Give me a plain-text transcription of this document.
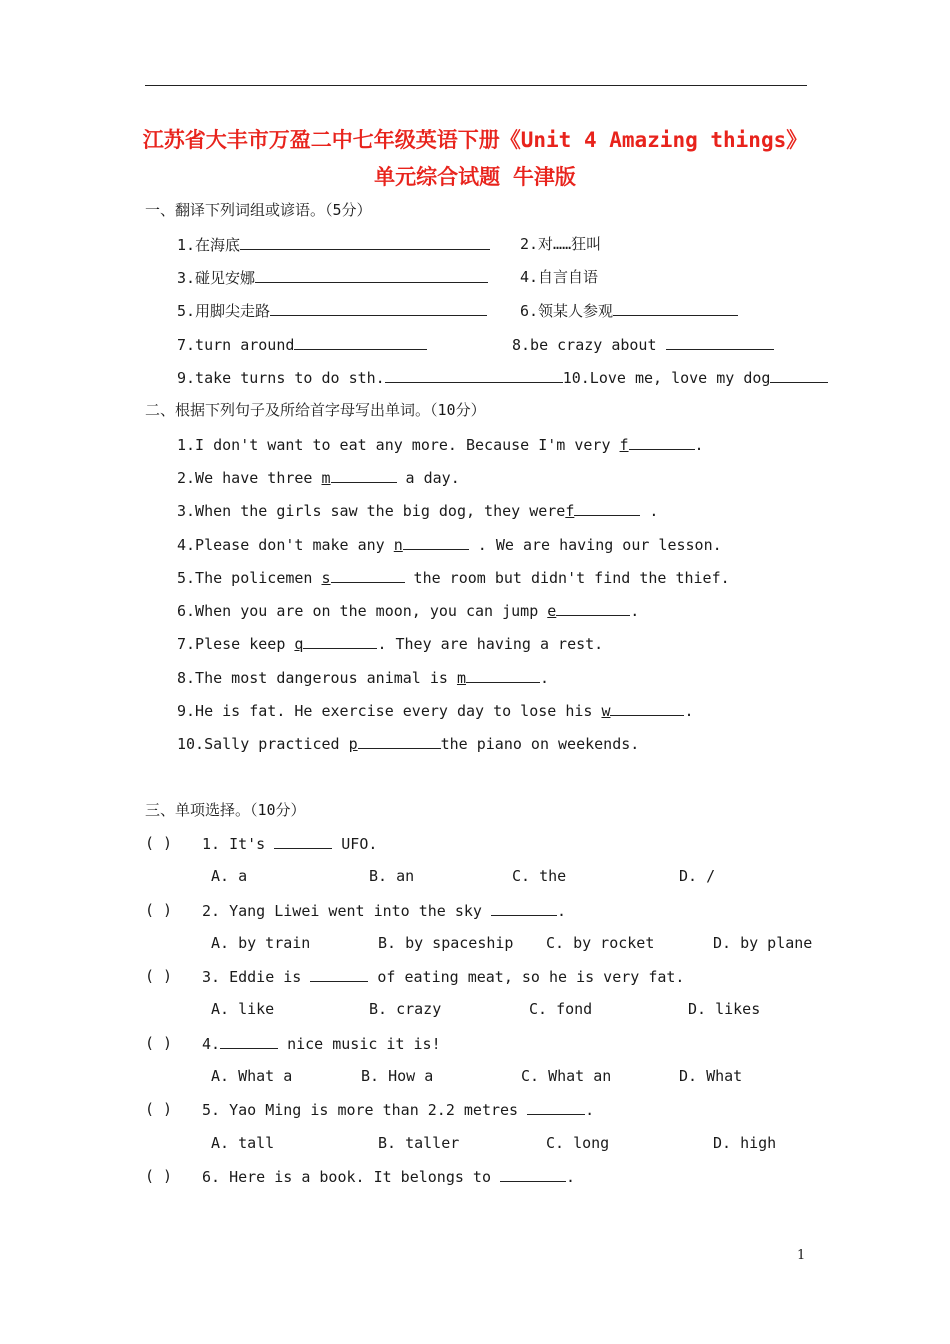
江苏省大丰市万盈二中七年级英语下册《Unit 4 Amazing things》
单元综合试题 牛津版
一、翻译下列词组或谚语。（5分）
1.在海底	2.对……狂叫
3.碰见安娜	4.自言自语
5.用脚尖走路	6.领某人参观
7.turn around	8.be crazy about
9.take turns to do sth.	10.Love me, love my dog
二、根据下列句子及所给首字母写出单词。（10分）
1.I don't want to eat any more. Because I'm very f	.
2.We have three m	a day.
3.When the girls saw the big dog, they weref	.
4.Please don't make any n	. We are having our lesson.
5.The policemen s	the room but didn't find the thief.
6.When you are on the moon, you can jump e	.
7.Plese keep q	. They are having a rest.
8.The most dangerous animal is m	.
9.He is fat. He exercise every day to lose his w	.
10.Sally practiced p	the piano on weekends.
三、单项选择。（10分）
( ) 1. It's	UFO.
A. a	B. an	C. the	D. /
( ) 2. Yang Liwei went into the sky	.
A. by train	B. by spaceship C. by rocket	D. by plane
( ) 3. Eddie is	of eating meat, so he is very fat.
A. like	B. crazy	C. fond	D. likes
( ) 4.	nice music it is!
A. What a	B. How a	C. What an	D. What
( ) 5. Yao Ming is more than 2.2 metres	.
A. tall	B. taller	C. long	D. high
( ) 6. Here is a book. It belongs to	.
1
